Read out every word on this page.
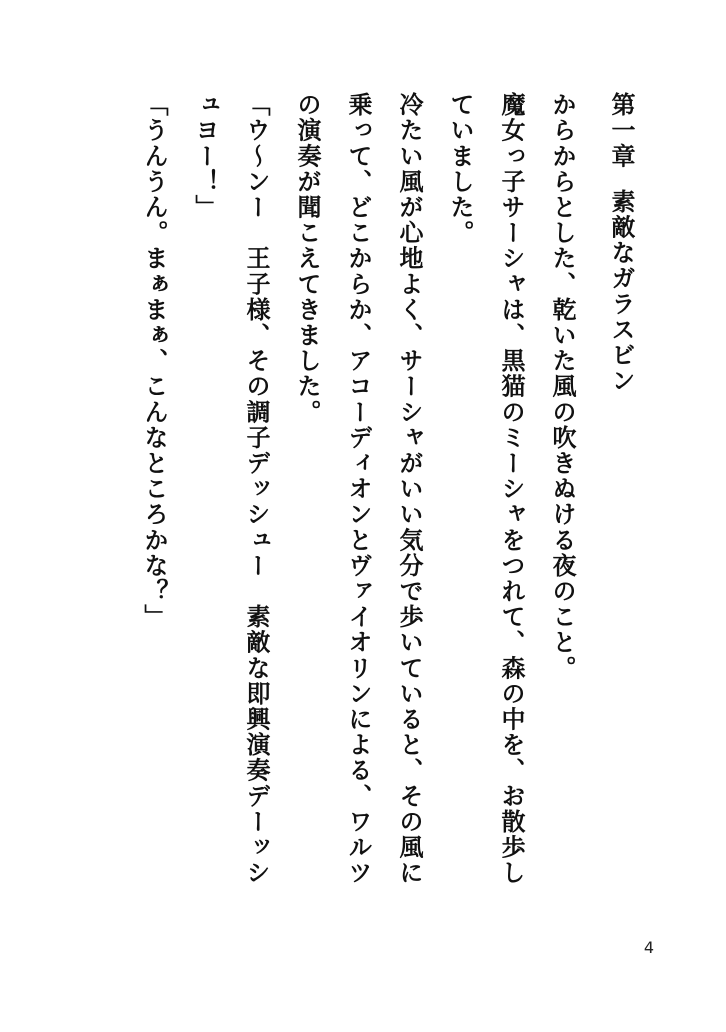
第一章素敵なガラスビン
からからとした、乾いた風の吹きぬける夜のこと。
魔女っ子サーシャは、黒猫のミーシャをつれて、森の中を、お散歩し
ていました。
冷たい風が心地よく、サーシャがいい気分で歩いていると、その風に
乗って、どこからか、アコーディオンとヴァイオリンによる、ワルツ
の演奏が聞こえてきました。
「ウ～ンー　王子様、その調子デッシュー　素敵な即興演奏デーッシ
ュヨー！」
「うんうん。まぁまぁ、こんなところかな？」
4
